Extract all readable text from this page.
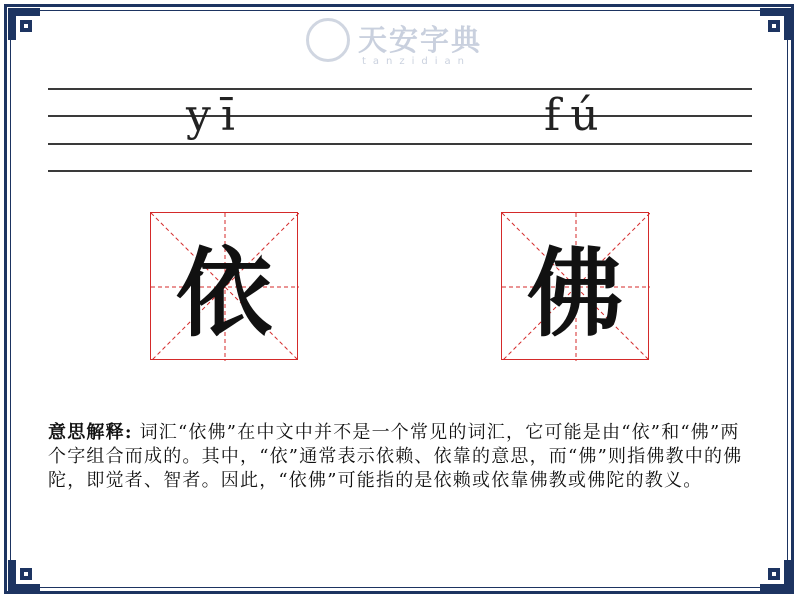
天安字典
tanzidian
yī	fú
依	佛
意思解释: 词汇“依佛”在中文中并不是一个常见的词汇，它可能是由“依”和“佛”两个字组合而成的。其中，“依”通常表示依赖、依靠的意思，而“佛”则指佛教中的佛陀，即觉者、智者。因此，“依佛”可能指的是依赖或依靠佛教或佛陀的教义。
